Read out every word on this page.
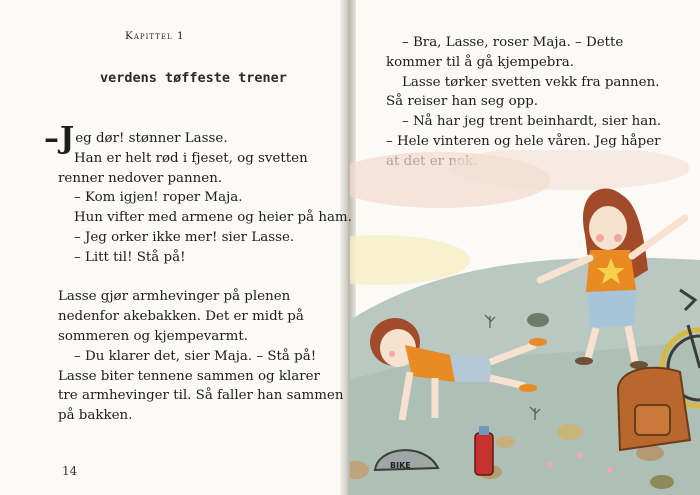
Kapittel 1
verdens tøffeste trener
–Jeg dør! stønner Lasse.
Han er helt rød i fjeset, og svetten
renner nedover pannen.
– Kom igjen! roper Maja.
Hun vifter med armene og heier på ham.
– Jeg orker ikke mer! sier Lasse.
– Litt til! Stå på!
Lasse gjør armhevinger på plenen
nedenfor akebakken. Det er midt på
sommeren og kjempevarmt.
– Du klarer det, sier Maja. – Stå på!
Lasse biter tennene sammen og klarer
tre armhevinger til. Så faller han sammen
på bakken.
14
– Bra, Lasse, roser Maja. – Dette
kommer til å gå kjempebra.
Lasse tørker svetten vekk fra pannen.
Så reiser han seg opp.
– Nå har jeg trent beinhardt, sier han.
– Hele vinteren og hele våren. Jeg håper
BIKE
